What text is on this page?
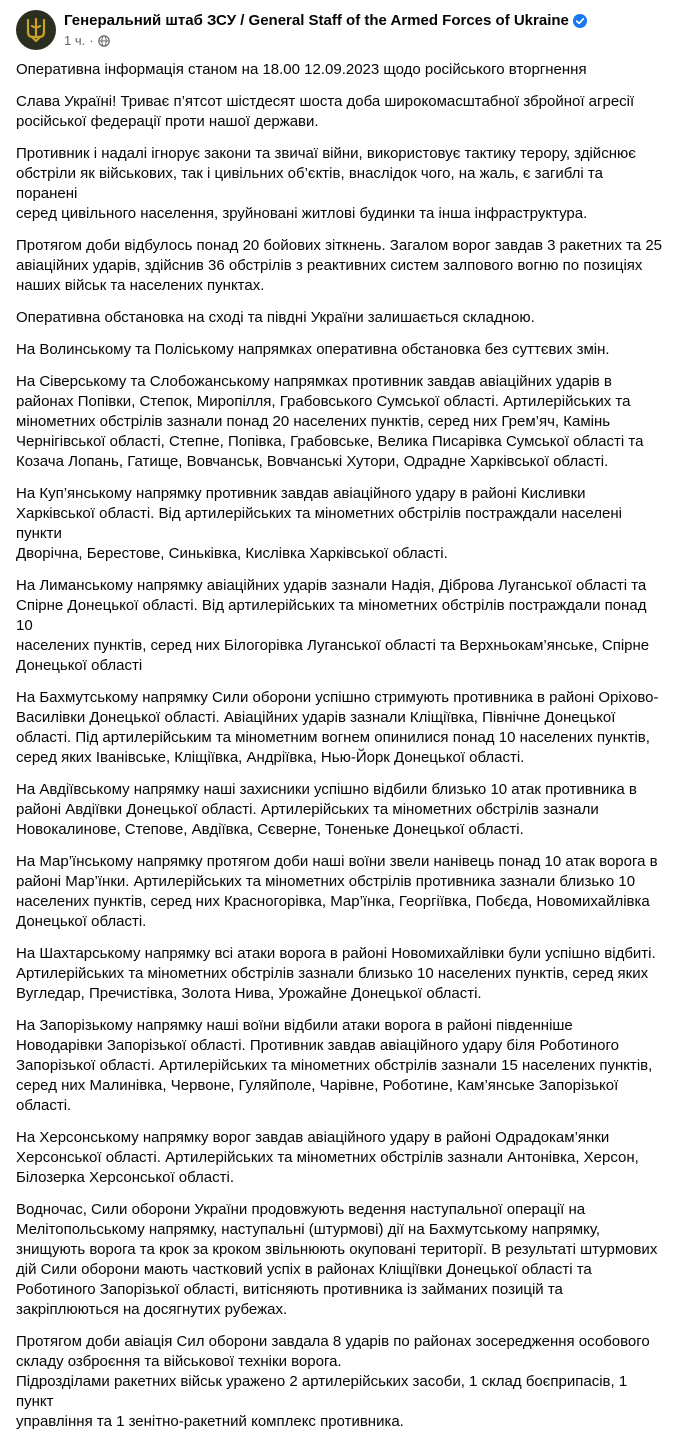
Генеральний штаб ЗСУ / General Staff of the Armed Forces of Ukraine
1 ч. ·

Оперативна інформація станом на 18.00 12.09.2023 щодо російського вторгнення

Слава Україні! Триває п’ятсот шістдесят шоста доба широкомасштабної збройної агресії
російської федерації проти нашої держави.

Противник і надалі ігнорує закони та звичаї війни, використовує тактику терору, здійснює
обстріли як військових, так і цивільних об’єктів, внаслідок чого, на жаль, є загиблі та поранені
серед цивільного населення, зруйновані житлові будинки та інша інфраструктура.

Протягом доби відбулось понад 20 бойових зіткнень. Загалом ворог завдав 3 ракетних та 25
авіаційних ударів, здійснив 36 обстрілів з реактивних систем залпового вогню по позиціях
наших військ та населених пунктах.

Оперативна обстановка на сході та півдні України залишається складною.

На Волинському та Поліському напрямках оперативна обстановка без суттєвих змін.

На Сіверському та Слобожанському напрямках противник завдав авіаційних ударів в
районах Попівки, Степок, Миропілля, Грабовського Сумської області. Артилерійських та
мінометних обстрілів зазнали понад 20 населених пунктів, серед них Грем’яч, Камінь
Чернігівської області, Степне, Попівка, Грабовське, Велика Писарівка Сумської області та
Козача Лопань, Гатище, Вовчанськ, Вовчанські Хутори, Одрадне Харківської області.

На Куп’янському напрямку противник завдав авіаційного удару в районі Кисливки
Харківської області. Від артилерійських та мінометних обстрілів постраждали населені пункти
Дворічна, Берестове, Синьківка, Кислівка Харківської області.

На Лиманському напрямку авіаційних ударів зазнали Надія, Діброва Луганської області та
Спірне Донецької області. Від артилерійських та мінометних обстрілів постраждали понад 10
населених пунктів, серед них Білогорівка Луганської області та Верхньокам’янське, Спірне
Донецької області

На Бахмутському напрямку Сили оборони успішно стримують противника в районі Оріхово-
Василівки Донецької області. Авіаційних ударів зазнали Кліщіївка, Північне Донецької
області. Під артилерійським та мінометним вогнем опинилися понад 10 населених пунктів,
серед яких Іванівське, Кліщіївка, Андріївка, Нью-Йорк Донецької області.

На Авдіївському напрямку наші захисники успішно відбили близько 10 атак противника в
районі Авдіївки Донецької області. Артилерійських та мінометних обстрілів зазнали
Новокалинове, Степове, Авдіївка, Сєверне, Тоненьке Донецької області.

На Мар’їнському напрямку протягом доби наші воїни звели нанівець понад 10 атак ворога в
районі Мар’їнки. Артилерійських та мінометних обстрілів противника зазнали близько 10
населених пунктів, серед них Красногорівка, Мар’їнка, Георгіївка, Побєда, Новомихайлівка
Донецької області.

На Шахтарському напрямку всі атаки ворога в районі Новомихайлівки були успішно відбиті.
Артилерійських та мінометних обстрілів зазнали близько 10 населених пунктів, серед яких
Вугледар, Пречистівка, Золота Нива, Урожайне Донецької області.

На Запорізькому напрямку наші воїни відбили атаки ворога в районі південніше
Новодарівки Запорізької області. Противник завдав авіаційного удару біля Роботиного
Запорізької області. Артилерійських та мінометних обстрілів зазнали 15 населених пунктів,
серед них Малинівка, Червоне, Гуляйполе, Чарівне, Роботине, Кам’янське Запорізької
області.

На Херсонському напрямку ворог завдав авіаційного удару в районі Одрадокам’янки
Херсонської області. Артилерійських та мінометних обстрілів зазнали Антонівка, Херсон,
Білозерка Херсонської області.

Водночас, Сили оборони України продовжують ведення наступальної операції на
Мелітопольському напрямку, наступальні (штурмові) дії на Бахмутському напрямку,
знищують ворога та крок за кроком звільнюють окуповані території. В результаті штурмових
дій Сили оборони мають частковий успіх в районах Кліщіївки Донецької області та
Роботиного Запорізької області, витісняють противника із займаних позицій та
закріплюються на досягнутих рубежах.

Протягом доби авіація Сил оборони завдала 8 ударів по районах зосередження особового
складу озброєння та військової техніки ворога.
Підрозділами ракетних військ уражено 2 артилерійських засоби, 1 склад боєприпасів, 1 пункт
управління та 1 зенітно-ракетний комплекс противника.
